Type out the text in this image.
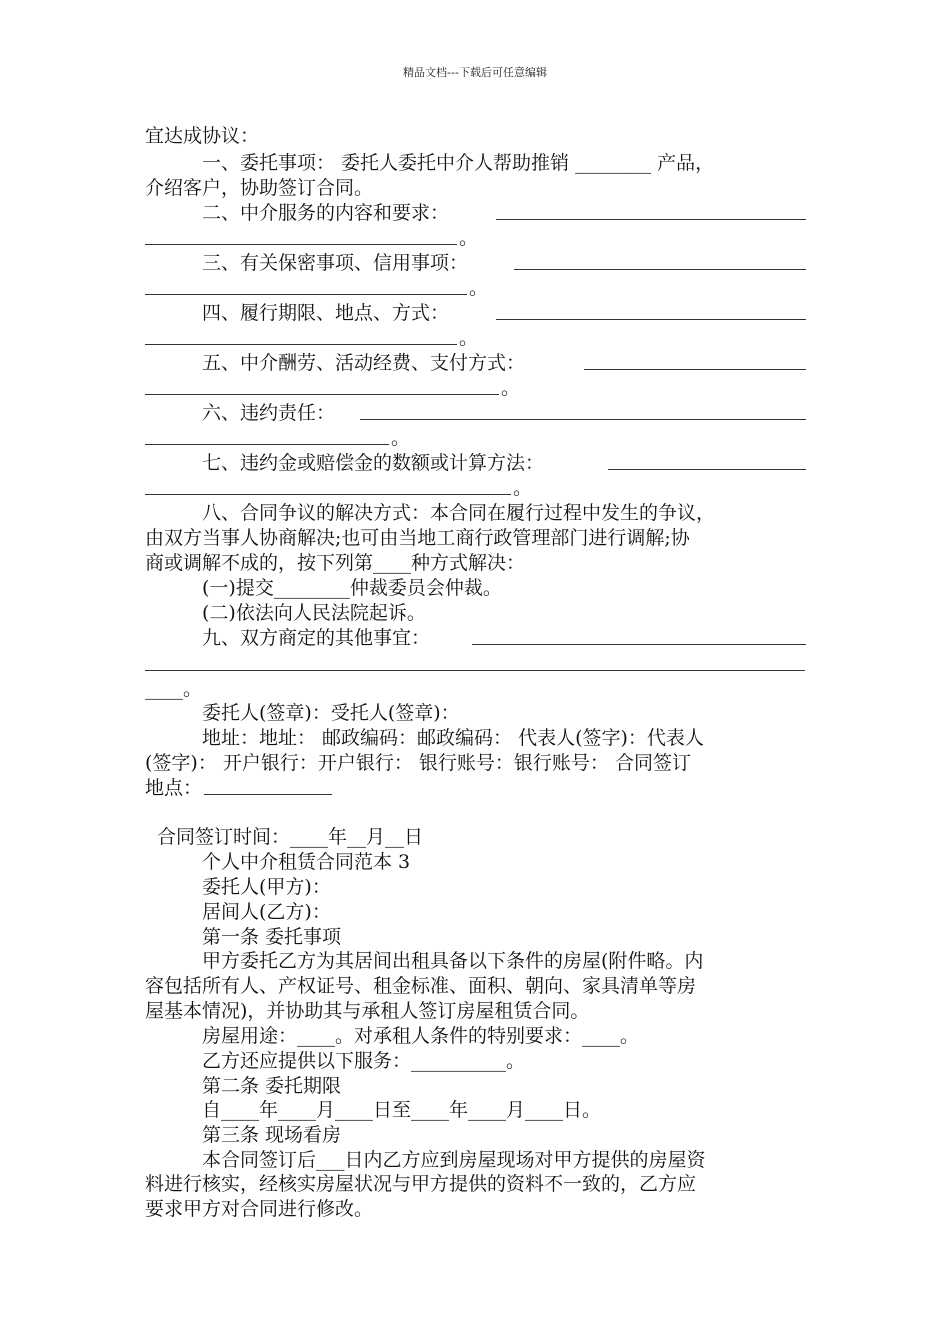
精品文档---下载后可任意编辑
宜达成协议：
一、委托事项： 委托人委托中介人帮助推销 ________ 产品，
介绍客户，协助签订合同。
二、中介服务的内容和要求：
。
三、有关保密事项、信用事项：
。
四、履行期限、地点、方式：
。
五、中介酬劳、活动经费、支付方式：
。
六、违约责任：
。
七、违约金或赔偿金的数额或计算方法：
。
八、合同争议的解决方式：本合同在履行过程中发生的争议，
由双方当事人协商解决;也可由当地工商行政管理部门进行调解;协
商或调解不成的，按下列第____种方式解决：
(一)提交________仲裁委员会仲裁。
(二)依法向人民法院起诉。
九、双方商定的其他事宜：
____。
委托人(签章)：受托人(签章)：
地址：地址： 邮政编码：邮政编码： 代表人(签字)：代表人
(签字)： 开户银行：开户银行： 银行账号：银行账号： 合同签订
地点：
合同签订时间：____年__月__日
个人中介租赁合同范本 3
委托人(甲方)：
居间人(乙方)：
第一条 委托事项
甲方委托乙方为其居间出租具备以下条件的房屋(附件略。内
容包括所有人、产权证号、租金标准、面积、朝向、家具清单等房
屋基本情况)，并协助其与承租人签订房屋租赁合同。
房屋用途：____。对承租人条件的特别要求：____。
乙方还应提供以下服务：__________。
第二条 委托期限
自____年____月____日至____年____月____日。
第三条 现场看房
本合同签订后___日内乙方应到房屋现场对甲方提供的房屋资
料进行核实，经核实房屋状况与甲方提供的资料不一致的，乙方应
要求甲方对合同进行修改。
